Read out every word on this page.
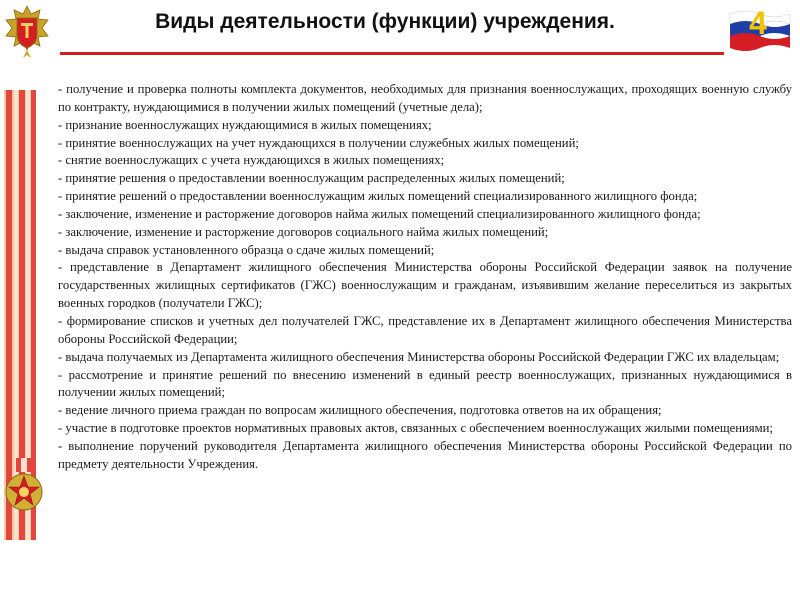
Виды деятельности (функции) учреждения.	4

- получение и проверка полноты комплекта документов, необходимых для признания военнослужащих, проходящих военную службу по контракту, нуждающимися в получении жилых помещений (учетные дела);

- признание военнослужащих нуждающимися в жилых помещениях;

- принятие военнослужащих на учет нуждающихся в получении служебных жилых помещений;

- снятие военнослужащих с учета нуждающихся в жилых помещениях;

- принятие решения о предоставлении военнослужащим распределенных жилых помещений;

- принятие решений о предоставлении военнослужащим жилых помещений специализированного жилищного фонда;

- заключение, изменение и расторжение договоров найма жилых помещений специализированного жилищного фонда;

- заключение, изменение и расторжение договоров социального найма жилых помещений;

- выдача справок установленного образца о сдаче жилых помещений;

- представление в Департамент жилищного обеспечения Министерства обороны Российской Федерации заявок на получение государственных жилищных сертификатов (ГЖС) военнослужащим и гражданам, изъявившим желание переселиться из закрытых военных городков (получатели ГЖС);

- формирование списков и учетных дел получателей ГЖС, представление их в Департамент жилищного обеспечения Министерства обороны Российской Федерации;

- выдача получаемых из Департамента жилищного обеспечения Министерства обороны Российской Федерации ГЖС их владельцам;

- рассмотрение и принятие решений по внесению изменений в единый реестр военнослужащих, признанных нуждающимися в получении жилых помещений;

- ведение личного приема граждан по вопросам жилищного обеспечения, подготовка ответов на их обращения;

- участие в подготовке проектов нормативных правовых актов, связанных с обеспечением военнослужащих жилыми помещениями;

- выполнение поручений руководителя Департамента жилищного обеспечения Министерства обороны Российской Федерации по предмету деятельности Учреждения.
